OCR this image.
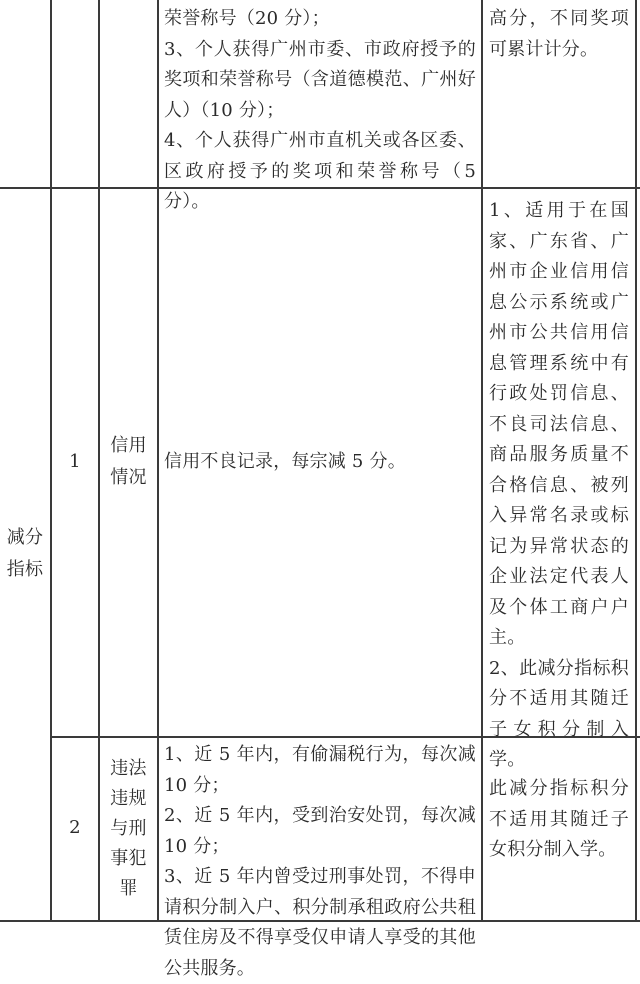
荣誉称号（20 分）；

3、个人获得广州市委、市政府授予的奖项和荣誉称号（含道德模范、广州好人）（10 分）；

4、个人获得广州市直机关或各区委、区政府授予的奖项和荣誉称号（5 分）。

高分，不同奖项可累计计分。

减分指标
1
信用情况
信用不良记录，每宗减 5 分。

1、适用于在国家、广东省、广州市企业信用信息公示系统或广州市公共信用信息管理系统中有行政处罚信息、不良司法信息、商品服务质量不合格信息、被列入异常名录或标记为异常状态的企业法定代表人及个体工商户户主。

2、此减分指标积分不适用其随迁子女积分制入学。

2
违法违规与刑事犯罪

1、近 5 年内，有偷漏税行为，每次减 10 分；

2、近 5 年内，受到治安处罚，每次减 10 分；

3、近 5 年内曾受过刑事处罚，不得申请积分制入户、积分制承租政府公共租赁住房及不得享受仅申请人享受的其他公共服务。

此减分指标积分不适用其随迁子女积分制入学。
